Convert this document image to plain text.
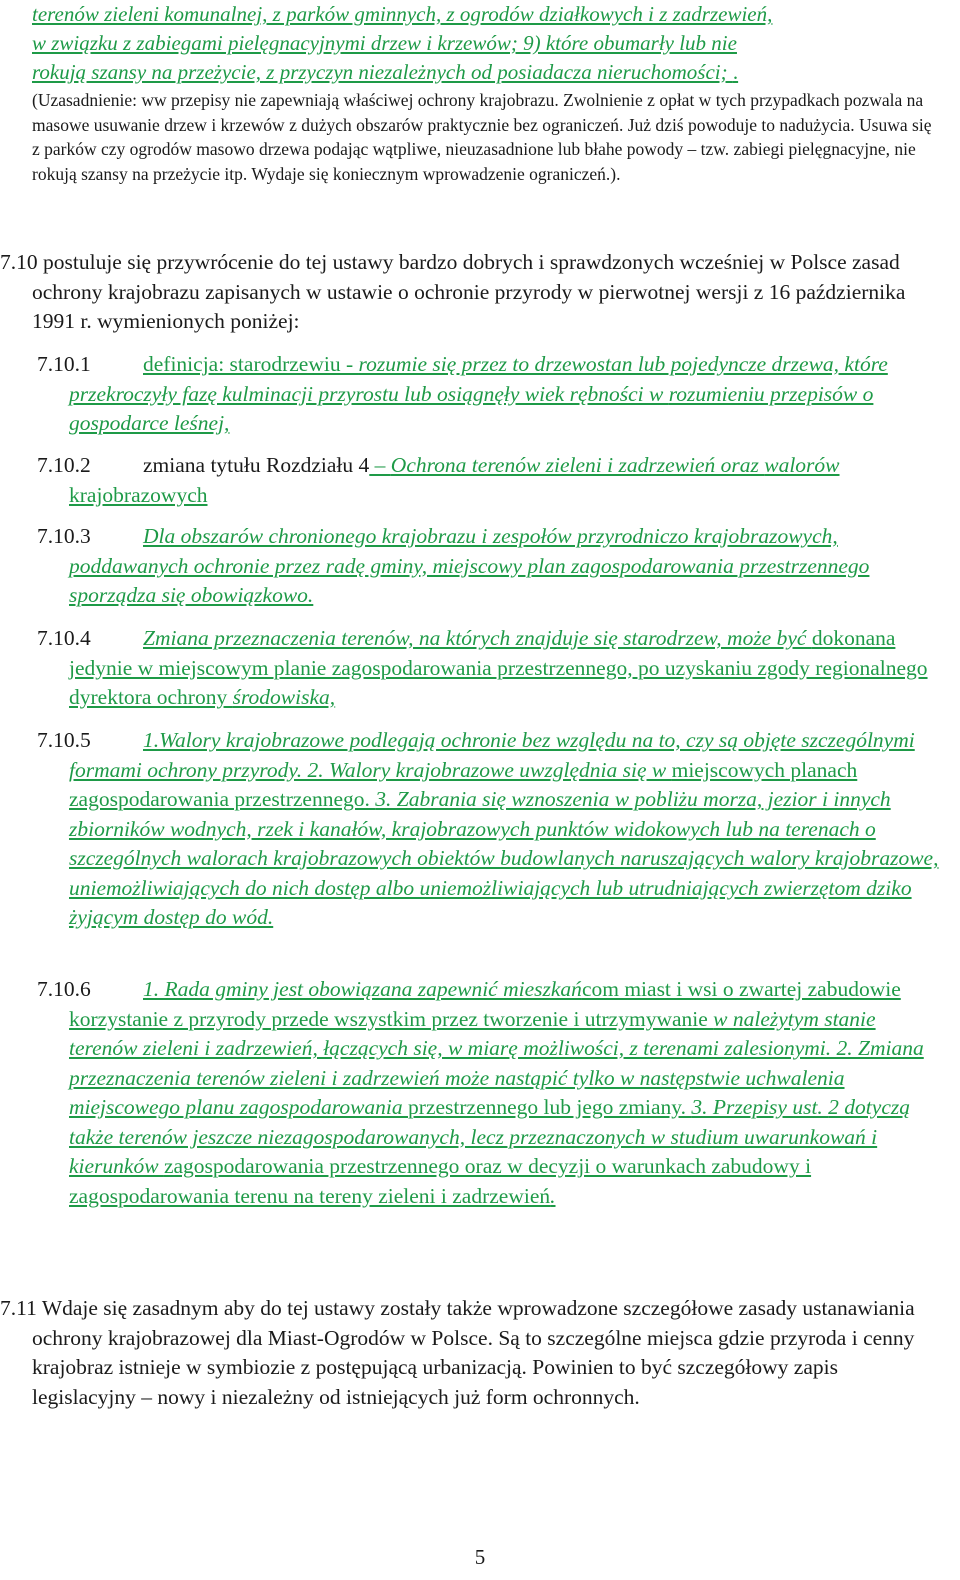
terenów zieleni komunalnej, z parków gminnych, z ogrodów działkowych i z zadrzewień,
w związku z zabiegami pielęgnacyjnymi drzew i krzewów; 9) które obumarły lub nie
rokują szansy na przeżycie, z przyczyn niezależnych od posiadacza nieruchomości; .
(Uzasadnienie: ww przepisy nie zapewniają właściwej ochrony krajobrazu. Zwolnienie z opłat w tych przypadkach pozwala na masowe usuwanie drzew i krzewów z dużych obszarów praktycznie bez ograniczeń. Już dziś powoduje to nadużycia. Usuwa się z parków czy ogrodów masowo drzewa podając wątpliwe, nieuzasadnione lub błahe powody – tzw. zabiegi pielęgnacyjne, nie rokują szansy na przeżycie itp. Wydaje się koniecznym wprowadzenie ograniczeń.).
7.10 postuluje się przywrócenie do tej ustawy bardzo dobrych i sprawdzonych wcześniej w Polsce zasad ochrony krajobrazu zapisanych w ustawie o ochronie przyrody w pierwotnej wersji z 16 października 1991 r. wymienionych poniżej:
7.10.1 definicja: starodrzewiu - rozumie się przez to drzewostan lub pojedyncze drzewa, które przekroczyły fazę kulminacji przyrostu lub osiągnęły wiek rębności w rozumieniu przepisów o gospodarce leśnej,
7.10.2 zmiana tytułu Rozdziału 4 – Ochrona terenów zieleni i zadrzewień oraz walorów krajobrazowych
7.10.3 Dla obszarów chronionego krajobrazu i zespołów przyrodniczo krajobrazowych, poddawanych ochronie przez radę gminy, miejscowy plan zagospodarowania przestrzennego sporządza się obowiązkowo.
7.10.4 Zmiana przeznaczenia terenów, na których znajduje się starodrzew, może być dokonana jedynie w miejscowym planie zagospodarowania przestrzennego, po uzyskaniu zgody regionalnego dyrektora ochrony środowiska,
7.10.5 1.Walory krajobrazowe podlegają ochronie bez względu na to, czy są objęte szczególnymi formami ochrony przyrody. 2. Walory krajobrazowe uwzględnia się w miejscowych planach zagospodarowania przestrzennego. 3. Zabrania się wznoszenia w pobliżu morza, jezior i innych zbiorników wodnych, rzek i kanałów, krajobrazowych punktów widokowych lub na terenach o szczególnych walorach krajobrazowych obiektów budowlanych naruszających walory krajobrazowe, uniemożliwiających do nich dostęp albo uniemożliwiających lub utrudniających zwierzętom dziko żyjącym dostęp do wód.
7.10.6 1. Rada gminy jest obowiązana zapewnić mieszkańcom miast i wsi o zwartej zabudowie korzystanie z przyrody przede wszystkim przez tworzenie i utrzymywanie w należytym stanie terenów zieleni i zadrzewień, łączących się, w miarę możliwości, z terenami zalesionymi. 2. Zmiana przeznaczenia terenów zieleni i zadrzewień może nastąpić tylko w następstwie uchwalenia miejscowego planu zagospodarowania przestrzennego lub jego zmiany. 3. Przepisy ust. 2 dotyczą także terenów jeszcze niezagospodarowanych, lecz przeznaczonych w studium uwarunkowań i kierunków zagospodarowania przestrzennego oraz w decyzji o warunkach zabudowy i zagospodarowania terenu na tereny zieleni i zadrzewień.
7.11 Wdaje się zasadnym aby do tej ustawy zostały także wprowadzone szczegółowe zasady ustanawiania ochrony krajobrazowej dla Miast-Ogrodów w Polsce. Są to szczególne miejsca gdzie przyroda i cenny krajobraz istnieje w symbiozie z postępującą urbanizacją. Powinien to być szczegółowy zapis legislacyjny – nowy i niezależny od istniejących już form ochronnych.
5
